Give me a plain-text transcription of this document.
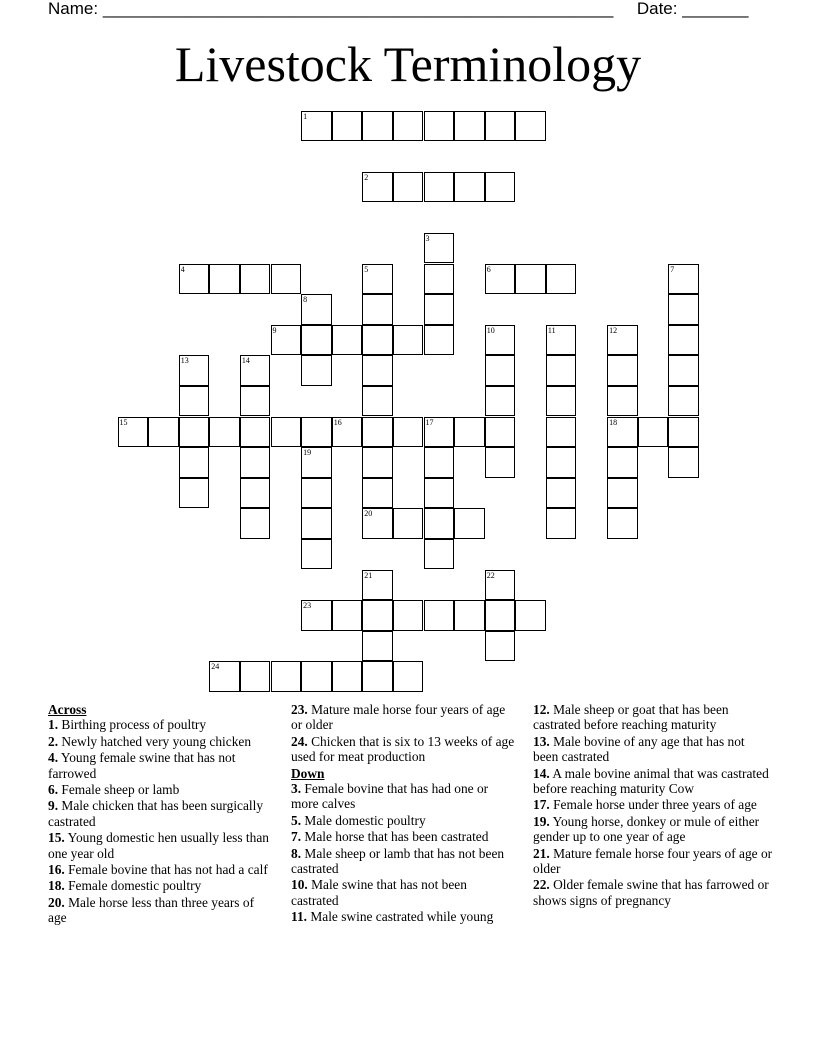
Name: ______________________________________________________ Date: _______
Livestock Terminology
1
2
3
4	5	6	7
8
9	10	11	12
18
13	14
15	16	17
19
20
21	22
23
24
Across
1. Birthing process of poultry
2. Newly hatched very young chicken
4. Young female swine that has not farrowed
6. Female sheep or lamb
9. Male chicken that has been surgically castrated
15. Young domestic hen usually less than one year old
16. Female bovine that has not had a calf
18. Female domestic poultry
20. Male horse less than three years of age
23. Mature male horse four years of age or older
24. Chicken that is six to 13 weeks of age used for meat production
Down
3. Female bovine that has had one or more calves
5. Male domestic poultry
7. Male horse that has been castrated
8. Male sheep or lamb that has not been castrated
10. Male swine that has not been castrated
11. Male swine castrated while young
12. Male sheep or goat that has been castrated before reaching maturity
13. Male bovine of any age that has not been castrated
14. A male bovine animal that was castrated before reaching maturity Cow
17. Female horse under three years of age
19. Young horse, donkey or mule of either gender up to one year of age
21. Mature female horse four years of age or older
22. Older female swine that has farrowed or shows signs of pregnancy
